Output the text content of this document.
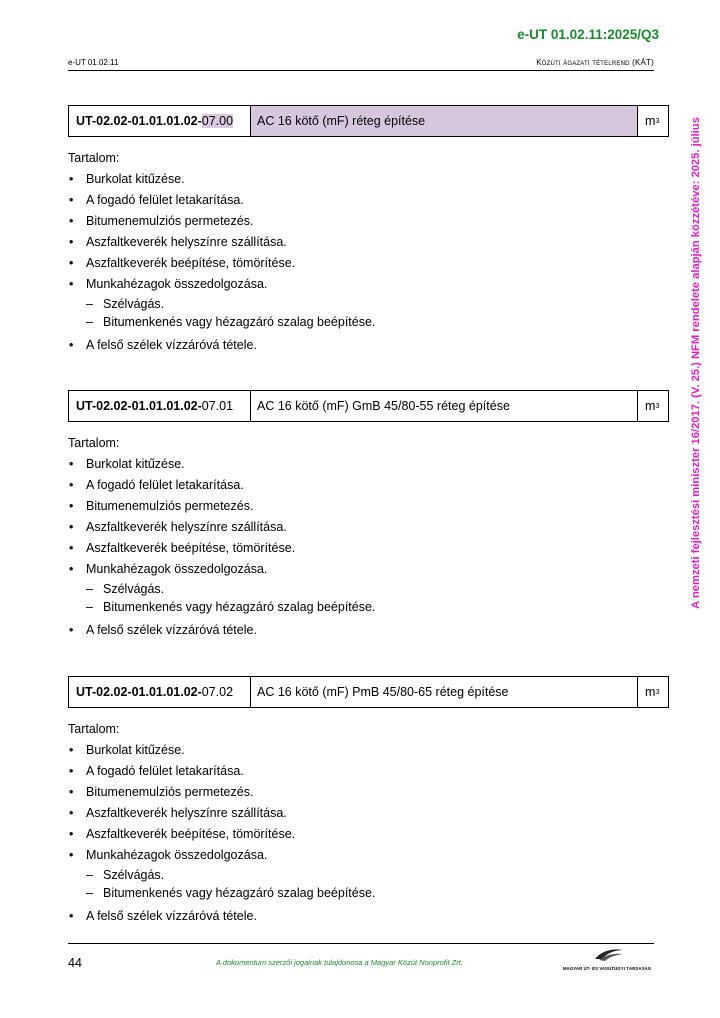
e-UT 01.02.11:2025/Q3
e-UT 01.02.11	Közúti ágazati tételrend (KÁT)
A nemzeti fejlesztési miniszter 16/2017. (V. 25.) NFM rendelete alapján közzétéve: 2025. július
UT-02.02-01.01.01.02- 07.00	AC 16 kötő (mF) réteg építése	$m^3$
Tartalom:
• Burkolat kitűzése.
• A fogadó felület letakarítása.
• Bitumenemulziós permetezés.
• Aszfaltkeverék helyszínre szállítása.
• Aszfaltkeverék beépítése, tömörítése.
• Munkahézagok összedolgozása.
– Szélvágás.
– Bitumenkenés vagy hézagzáró szalag beépítése.
• A felső szélek vízzáróvá tétele.
UT-02.02-01.01.01.02- 07.01	AC 16 kötő (mF) GmB 45/80-55 réteg építése	$m^3$
Tartalom:
• Burkolat kitűzése.
• A fogadó felület letakarítása.
• Bitumenemulziós permetezés.
• Aszfaltkeverék helyszínre szállítása.
• Aszfaltkeverék beépítése, tömörítése.
• Munkahézagok összedolgozása.
– Szélvágás.
– Bitumenkenés vagy hézagzáró szalag beépítése.
• A felső szélek vízzáróvá tétele.
UT-02.02-01.01.01.02- 07.02	AC 16 kötő (mF) PmB 45/80-65 réteg építése	$m^3$
Tartalom:
• Burkolat kitűzése.
• A fogadó felület letakarítása.
• Bitumenemulziós permetezés.
• Aszfaltkeverék helyszínre szállítása.
• Aszfaltkeverék beépítése, tömörítése.
• Munkahézagok összedolgozása.
– Szélvágás.
– Bitumenkenés vagy hézagzáró szalag beépítése.
• A felső szélek vízzáróvá tétele.
44	A dokumentum szerzői jogainak tulajdonosa a Magyar Közút Nonprofit Zrt.
MAGYAR ÚT- ÉS VASÚTÜGYI TÁRSASÁG
